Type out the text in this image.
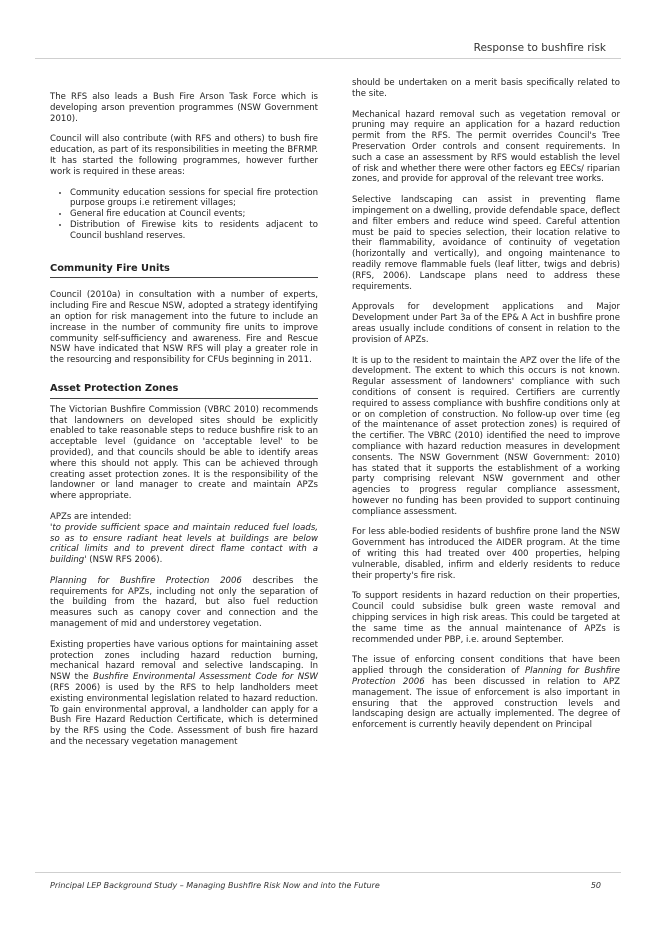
Response to bushfire risk

The RFS also leads a Bush Fire Arson Task Force which is developing arson prevention programmes (NSW Government 2010).

Council will also contribute (with RFS and others) to bush fire education, as part of its responsibilities in meeting the BFRMP. It has started the following programmes, however further work is required in these areas:

• Community education sessions for special fire protection purpose groups i.e retirement villages;
• General fire education at Council events;
• Distribution of Firewise kits to residents adjacent to Council bushland reserves.
Community Fire Units

Council (2010a) in consultation with a number of experts, including Fire and Rescue NSW, adopted a strategy identifying an option for risk management into the future to include an increase in the number of community fire units to improve community self-sufficiency and awareness. Fire and Rescue NSW have indicated that NSW RFS will play a greater role in the resourcing and responsibility for CFUs beginning in 2011.

Asset Protection Zones

The Victorian Bushfire Commission (VBRC 2010) recommends that landowners on developed sites should be explicitly enabled to take reasonable steps to reduce bushfire risk to an acceptable level (guidance on 'acceptable level' to be provided), and that councils should be able to identify areas where this should not apply. This can be achieved through creating asset protection zones. It is the responsibility of the landowner or land manager to create and maintain APZs where appropriate.

APZs are intended:
'to provide sufficient space and maintain reduced fuel loads, so as to ensure radiant heat levels at buildings are below critical limits and to prevent direct flame contact with a building' (NSW RFS 2006).

Planning for Bushfire Protection 2006 describes the requirements for APZs, including not only the separation of the building from the hazard, but also fuel reduction measures such as canopy cover and connection and the management of mid and understorey vegetation.

Existing properties have various options for maintaining asset protection zones including hazard reduction burning, mechanical hazard removal and selective landscaping. In NSW the Bushfire Environmental Assessment Code for NSW (RFS 2006) is used by the RFS to help landholders meet existing environmental legislation related to hazard reduction. To gain environmental approval, a landholder can apply for a Bush Fire Hazard Reduction Certificate, which is determined by the RFS using the Code. Assessment of bush fire hazard and the necessary vegetation management

should be undertaken on a merit basis specifically related to the site.

Mechanical hazard removal such as vegetation removal or pruning may require an application for a hazard reduction permit from the RFS. The permit overrides Council's Tree Preservation Order controls and consent requirements. In such a case an assessment by RFS would establish the level of risk and whether there were other factors eg EECs/ riparian zones, and provide for approval of the relevant tree works.

Selective landscaping can assist in preventing flame impingement on a dwelling, provide defendable space, deflect and filter embers and reduce wind speed. Careful attention must be paid to species selection, their location relative to their flammability, avoidance of continuity of vegetation (horizontally and vertically), and ongoing maintenance to readily remove flammable fuels (leaf litter, twigs and debris) (RFS, 2006). Landscape plans need to address these requirements.

Approvals for development applications and Major Development under Part 3a of the EP& A Act in bushfire prone areas usually include conditions of consent in relation to the provision of APZs.

It is up to the resident to maintain the APZ over the life of the development. The extent to which this occurs is not known. Regular assessment of landowners' compliance with such conditions of consent is required. Certifiers are currently required to assess compliance with bushfire conditions only at or on completion of construction. No follow-up over time (eg of the maintenance of asset protection zones) is required of the certifier. The VBRC (2010) identified the need to improve compliance with hazard reduction measures in development consents. The NSW Government (NSW Government: 2010) has stated that it supports the establishment of a working party comprising relevant NSW government and other agencies to progress regular compliance assessment, however no funding has been provided to support continuing compliance assessment.

For less able-bodied residents of bushfire prone land the NSW Government has introduced the AIDER program. At the time of writing this had treated over 400 properties, helping vulnerable, disabled, infirm and elderly residents to reduce their property's fire risk.

To support residents in hazard reduction on their properties, Council could subsidise bulk green waste removal and chipping services in high risk areas. This could be targeted at the same time as the annual maintenance of APZs is recommended under PBP, i.e. around September.

The issue of enforcing consent conditions that have been applied through the consideration of Planning for Bushfire Protection 2006 has been discussed in relation to APZ management. The issue of enforcement is also important in ensuring that the approved construction levels and landscaping design are actually implemented. The degree of enforcement is currently heavily dependent on Principal

Principal LEP Background Study – Managing Bushfire Risk Now and into the Future	50
